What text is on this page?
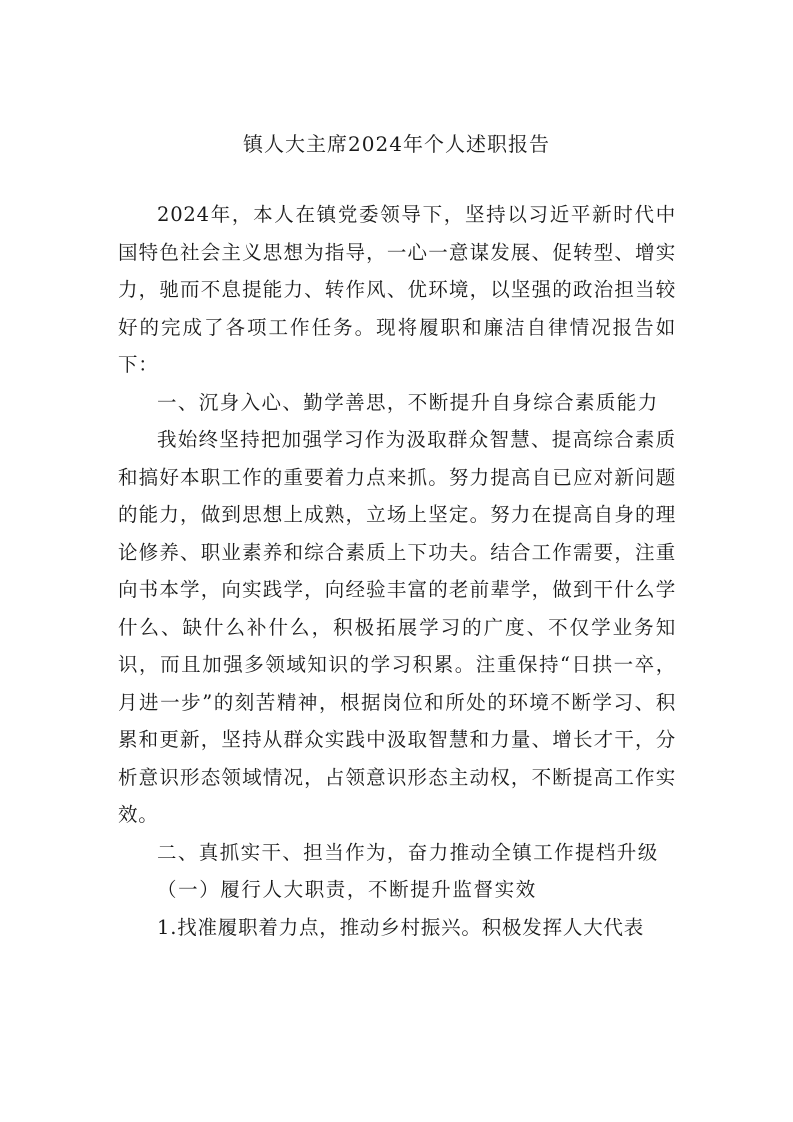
镇人大主席2024年个人述职报告

2024年，本人在镇党委领导下，坚持以习近平新时代中国特色社会主义思想为指导，一心一意谋发展、促转型、增实力，驰而不息提能力、转作风、优环境，以坚强的政治担当较好的完成了各项工作任务。现将履职和廉洁自律情况报告如下：

一、沉身入心、勤学善思，不断提升自身综合素质能力

我始终坚持把加强学习作为汲取群众智慧、提高综合素质和搞好本职工作的重要着力点来抓。努力提高自已应对新问题的能力，做到思想上成熟，立场上坚定。努力在提高自身的理论修养、职业素养和综合素质上下功夫。结合工作需要，注重向书本学，向实践学，向经验丰富的老前辈学，做到干什么学什么、缺什么补什么，积极拓展学习的广度、不仅学业务知识，而且加强多领域知识的学习积累。注重保持“日拱一卒，月进一步”的刻苦精神，根据岗位和所处的环境不断学习、积累和更新，坚持从群众实践中汲取智慧和力量、增长才干，分析意识形态领域情况，占领意识形态主动权，不断提高工作实效。

二、真抓实干、担当作为，奋力推动全镇工作提档升级

（一）履行人大职责，不断提升监督实效

1.找准履职着力点，推动乡村振兴。积极发挥人大代表
